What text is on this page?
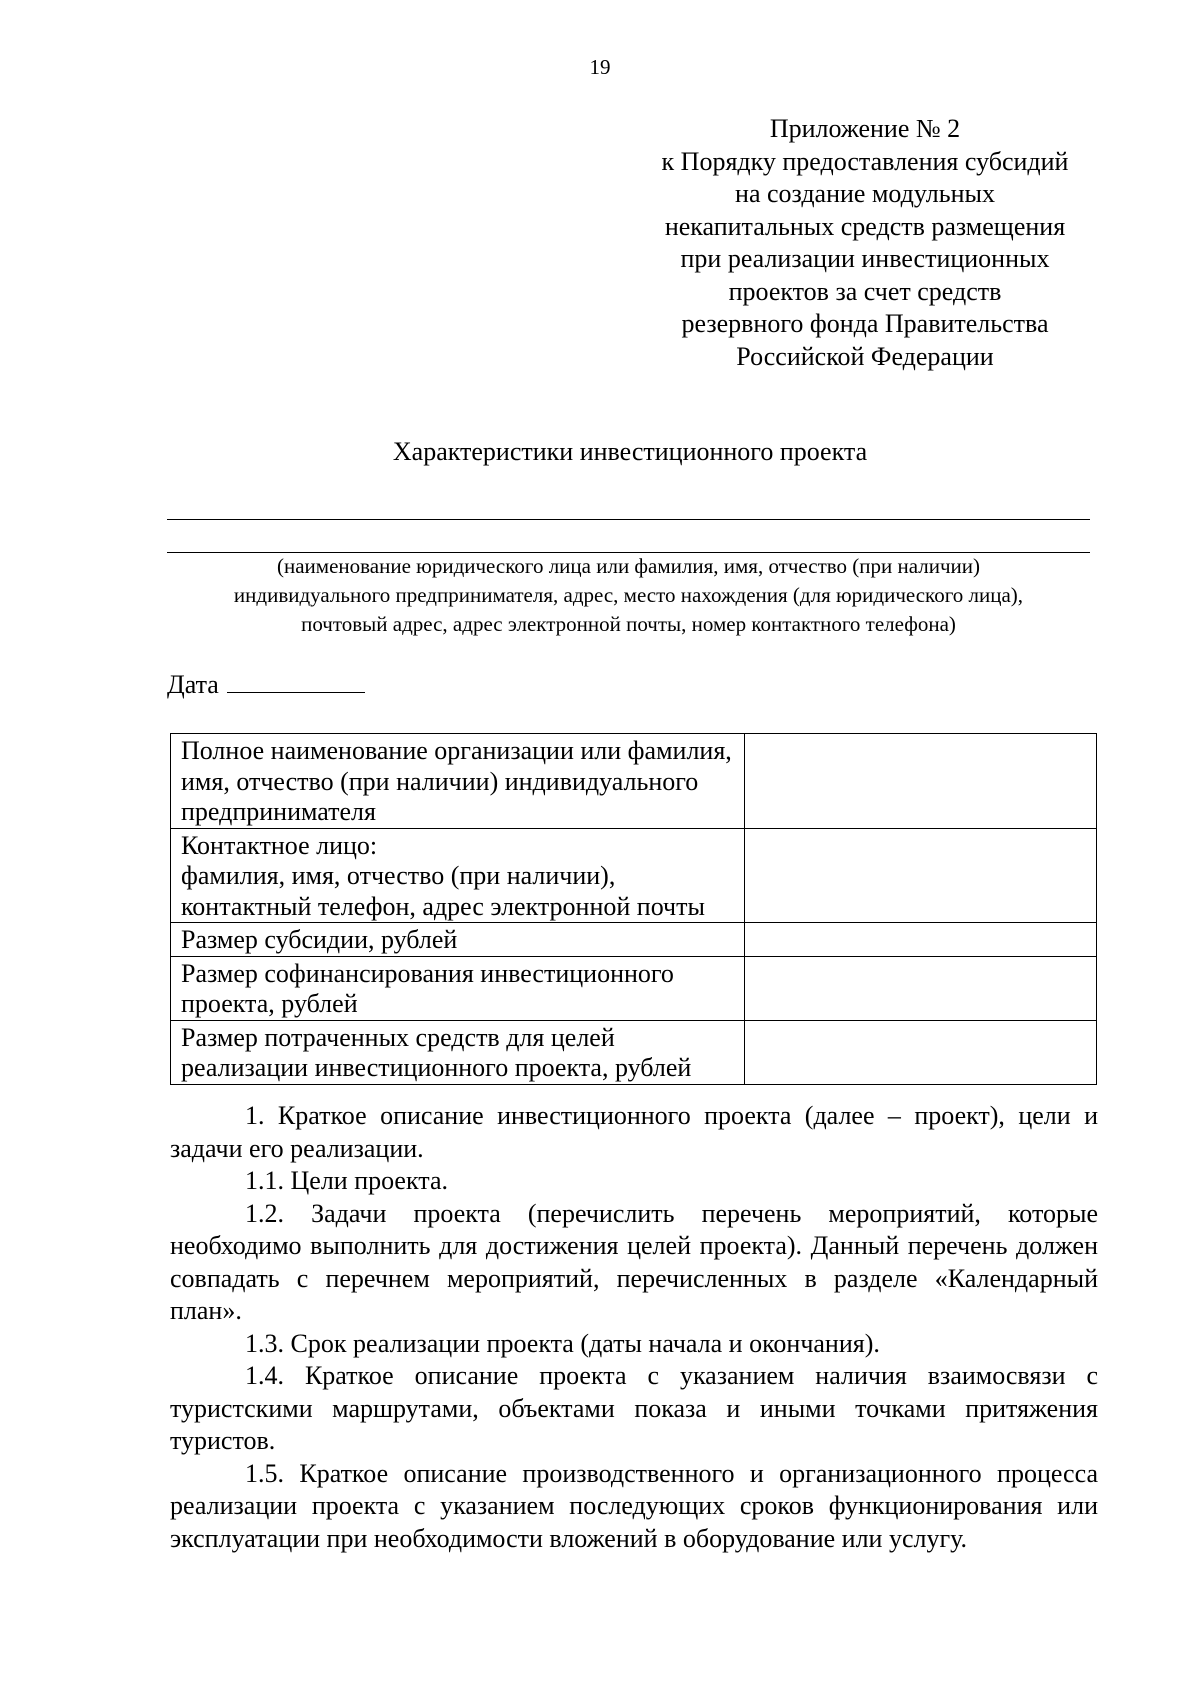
19
Приложение № 2
к Порядку предоставления субсидий
на создание модульных
некапитальных средств размещения
при реализации инвестиционных
проектов за счет средств
резервного фонда Правительства
Российской Федерации
Характеристики инвестиционного проекта
(наименование юридического лица или фамилия, имя, отчество (при наличии)
индивидуального предпринимателя, адрес, место нахождения (для юридического лица),
почтовый адрес, адрес электронной почты, номер контактного телефона)
Дата
Полное наименование организации или фамилия,
имя, отчество (при наличии) индивидуального
предпринимателя	

Контактное лицо:
фамилия, имя, отчество (при наличии),
контактный телефон, адрес электронной почты	

Размер субсидии, рублей	

Размер софинансирования инвестиционного
проекта, рублей	

Размер потраченных средств для целей
реализации инвестиционного проекта, рублей	

1. Краткое описание инвестиционного проекта (далее – проект), цели и задачи его реализации.

1.1. Цели проекта.

1.2. Задачи проекта (перечислить перечень мероприятий, которые необходимо выполнить для достижения целей проекта). Данный перечень должен совпадать с перечнем мероприятий, перечисленных в разделе «Календарный план».

1.3. Срок реализации проекта (даты начала и окончания).

1.4. Краткое описание проекта с указанием наличия взаимосвязи с туристскими маршрутами, объектами показа и иными точками притяжения туристов.

1.5. Краткое описание производственного и организационного процесса реализации проекта с указанием последующих сроков функционирования или эксплуатации при необходимости вложений в оборудование или услугу.
